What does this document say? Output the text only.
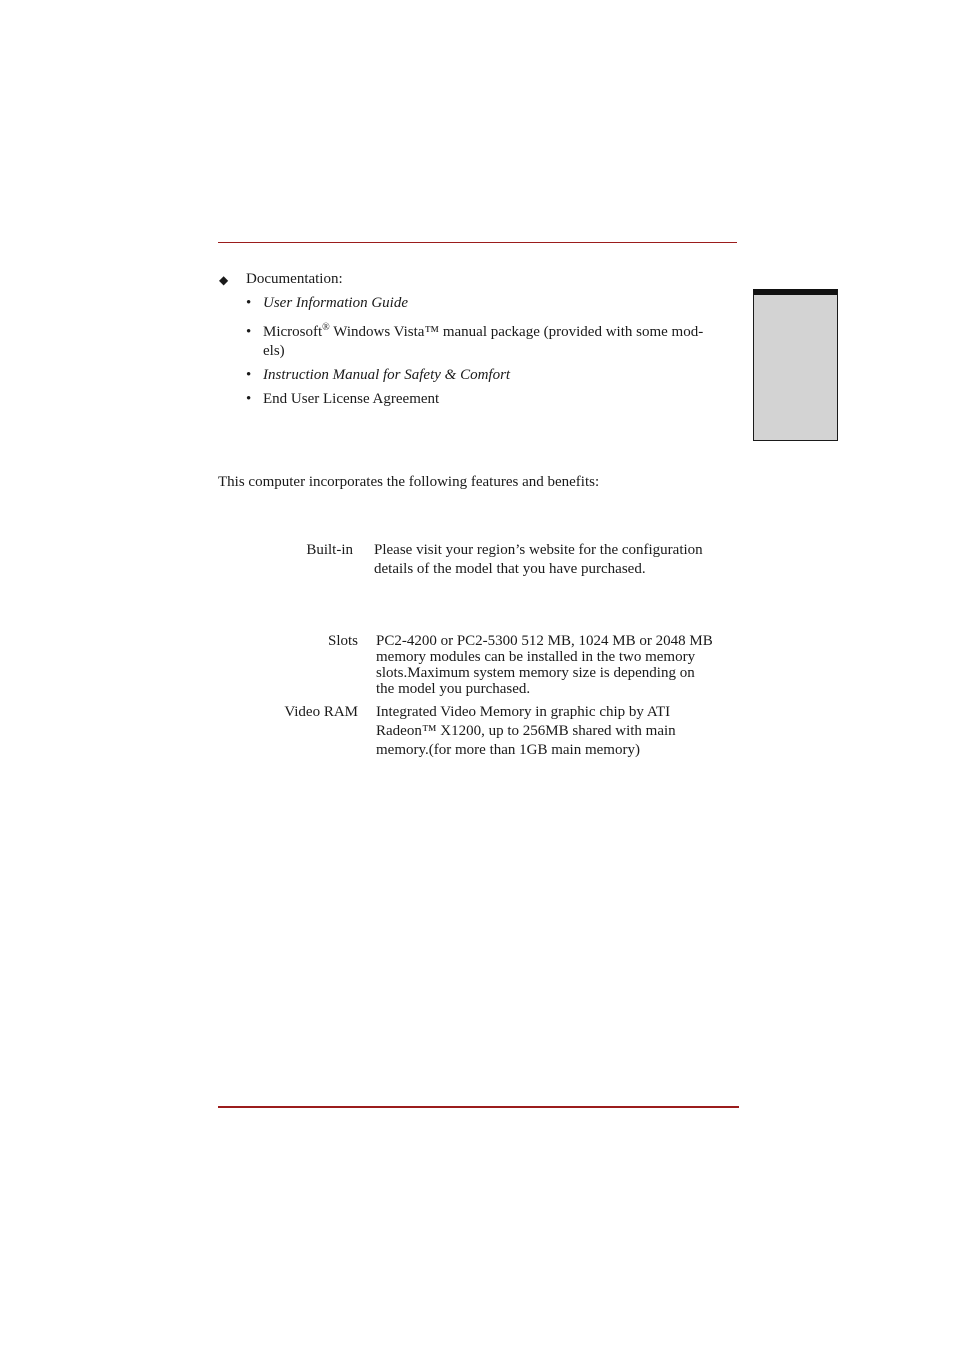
◆ Documentation:
• User Information Guide
• Microsoft® Windows Vista™ manual package (provided with some mod-
els)
• Instruction Manual for Safety & Comfort
• End User License Agreement
This computer incorporates the following features and benefits:
Built-in Please visit your region’s website for the configuration
details of the model that you have purchased.
Slots PC2-4200 or PC2-5300 512 MB, 1024 MB or 2048 MB
memory modules can be installed in the two memory
slots.Maximum system memory size is depending on
the model you purchased.
Video RAM Integrated Video Memory in graphic chip by ATI
Radeon™ X1200, up to 256MB shared with main
memory.(for more than 1GB main memory)
